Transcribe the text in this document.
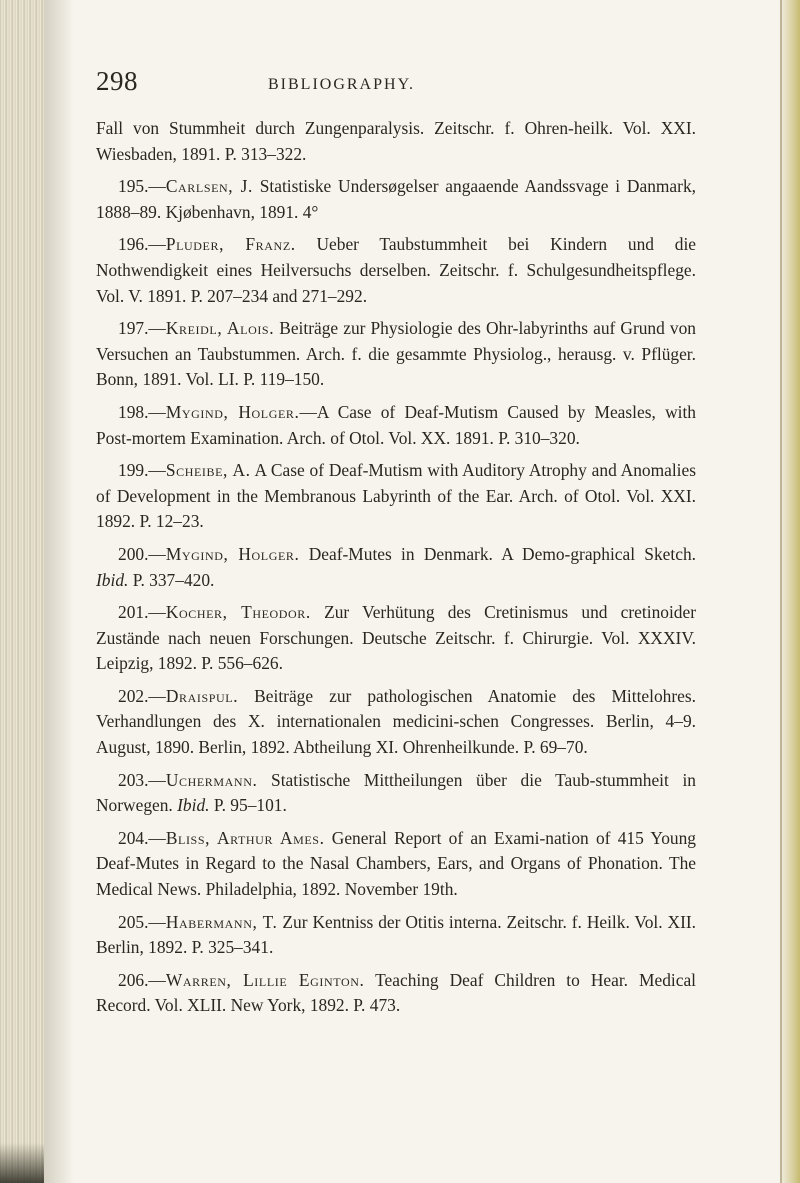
298	BIBLIOGRAPHY.

Fall von Stummheit durch Zungenparalysis. Zeitschr. f. Ohren-heilk. Vol. XXI. Wiesbaden, 1891. P. 313–322.

195.—Carlsen, J. Statistiske Undersøgelser angaaende Aandssvage i Danmark, 1888–89. Kjøbenhavn, 1891. 4°

196.—Pluder, Franz. Ueber Taubstummheit bei Kindern und die Nothwendigkeit eines Heilversuchs derselben. Zeitschr. f. Schulgesundheitspflege. Vol. V. 1891. P. 207–234 and 271–292.

197.—Kreidl, Alois. Beiträge zur Physiologie des Ohr-labyrinths auf Grund von Versuchen an Taubstummen. Arch. f. die gesammte Physiolog., herausg. v. Pflüger. Bonn, 1891. Vol. LI. P. 119–150.

198.—Mygind, Holger.—A Case of Deaf-Mutism Caused by Measles, with Post-mortem Examination. Arch. of Otol. Vol. XX. 1891. P. 310–320.

199.—Scheibe, A. A Case of Deaf-Mutism with Auditory Atrophy and Anomalies of Development in the Membranous Labyrinth of the Ear. Arch. of Otol. Vol. XXI. 1892. P. 12–23.

200.—Mygind, Holger. Deaf-Mutes in Denmark. A Demo-graphical Sketch. Ibid. P. 337–420.

201.—Kocher, Theodor. Zur Verhütung des Cretinismus und cretinoider Zustände nach neuen Forschungen. Deutsche Zeitschr. f. Chirurgie. Vol. XXXIV. Leipzig, 1892. P. 556–626.

202.—Draispul. Beiträge zur pathologischen Anatomie des Mittelohres. Verhandlungen des X. internationalen medicini-schen Congresses. Berlin, 4–9. August, 1890. Berlin, 1892. Abtheilung XI. Ohrenheilkunde. P. 69–70.

203.—Uchermann. Statistische Mittheilungen über die Taub-stummheit in Norwegen. Ibid. P. 95–101.

204.—Bliss, Arthur Ames. General Report of an Exami-nation of 415 Young Deaf-Mutes in Regard to the Nasal Chambers, Ears, and Organs of Phonation. The Medical News. Philadelphia, 1892. November 19th.

205.—Habermann, T. Zur Kentniss der Otitis interna. Zeitschr. f. Heilk. Vol. XII. Berlin, 1892. P. 325–341.

206.—Warren, Lillie Eginton. Teaching Deaf Children to Hear. Medical Record. Vol. XLII. New York, 1892. P. 473.
